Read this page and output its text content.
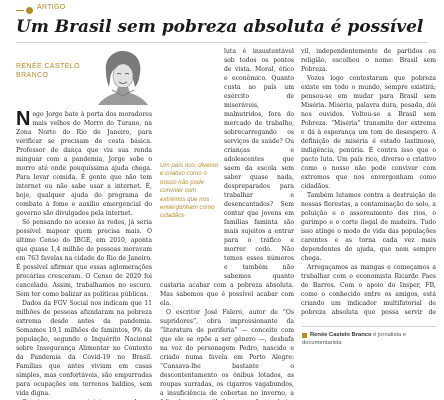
ARTIGO
Um Brasil sem pobreza absoluta é possível
RENÉE CASTELO
BRANCO

Nego Jorge bate à porta dos moradores mais velhos do Morro do Turano, na Zona Norte do Rio de Janeiro, para verificar se precisam de cesta básica. Professor de dança que viu sua renda minguar com a pandemia, Jorge sobe o morro até onde pouquíssima ajuda chega. Para levar comida. É gente que não tem internet ou não sabe usar a internet. É, hoje, qualquer ajuda do programa de combate à fome e auxílio emergencial do governo são divulgados pela internet.

Só pensando no acesso às redes, já seria possível mapear quem precisa mais. O último Censo do IBGE, em 2010, aponta que quase 1,4 milhão de pessoas moravam em 763 favelas na cidade do Rio de Janeiro. É possível afirmar que essas aglomerações precárias cresceram. O Censo de 2020 foi cancelado. Assim, trabalhamos no escuro. Sem ter como balizar as políticas públicas.

Dados da FGV Social nos indicam que 11 milhões de pessoas afundaram na pobreza extrema desde antes da pandemia. Somamos 19,1 milhões de famintos, 9% da população, segundo o Inquérito Nacional sobre Insegurança Alimentar no Contexto da Pandemia da Covid-19 no Brasil. Famílias que antes viviam em casas simples, mas confortáveis, são empurradas para ocupações em terrenos baldios, sem vida digna.

luta é insustentável sob todos os pontos de vista. Moral, ético e econômico. Quanto custa ao país um exército de miseráveis, malnutridos, fora do mercado de trabalho, sobrecarregando os serviços de saúde? Ou crianças e adolescentes que saem da escola sem saber quase nada, despreparados para trabalhar e desencantados? Sem contar que jovens em famílias faminta são mais sujeitos a entrar para o tráfico e morrer cedo. Não temos esses números e também não sabemos quanto custaria acabar com a pobreza absoluta. Mas sabemos que é possível acabar com ela.

O escritor José Falero, autor de “Os supridores”, obra impressionante da “literatura de periferia” — conceito com que ele se opõe a ser gênero —, desbafa na voz do personagem Pedro, nascido e criado numa favela em Porto Alegre: “Cansava-lhe bastante o descontentamento os ônibus lotados, as roupas surradas, os cigarros vagabundos, a insuficiência de cobertas no inverno, a

Um país rico, diverso e criativo como o nosso não pode conviver com extremos que nos envergonham como cidadãos

vil, independentemente de partidos ou religião, escolheu o nome: Brasil sem Pobreza.

Vozes logo contestaram que pobreza existe em todo o mundo, sempre existirá; pensou-se em mudar para Brasil sem Miséria. Miséria, palavra dura, pesada, dói nos ouvidos. Voltou-se a Brasil sem Pobreza. “Miséria” transmite dor extrema e dá à esperança um tom de desespero. A definição de miséria é estado lastimoso, indigência, penúria. É contra isso que o pacto luta. Um país rico, diverso e criativo como o nosso não pode conviver com extremos que nos envergonham como cidadãos.

Também lutamos contra a destruição de nossas florestas, a contaminação do solo, a poluição e o assoreamento dos rios, o garimpo e o corte ilegal de madeira. Tudo isso atinge o modo de vida das populações carentes e as torna cada vez mais dependentes de ajuda, que nem sempre chega.

Arregaçamos as mangas e começamos a trabalhar com o economista Ricardo Paes de Barros. Com o apoio do Insper, FB, como o conhecido entre os amigos, está criando um indicador multifatorial de pobreza absoluta que possa servir de

Renée Castelo Branco é jornalista e documentarista
